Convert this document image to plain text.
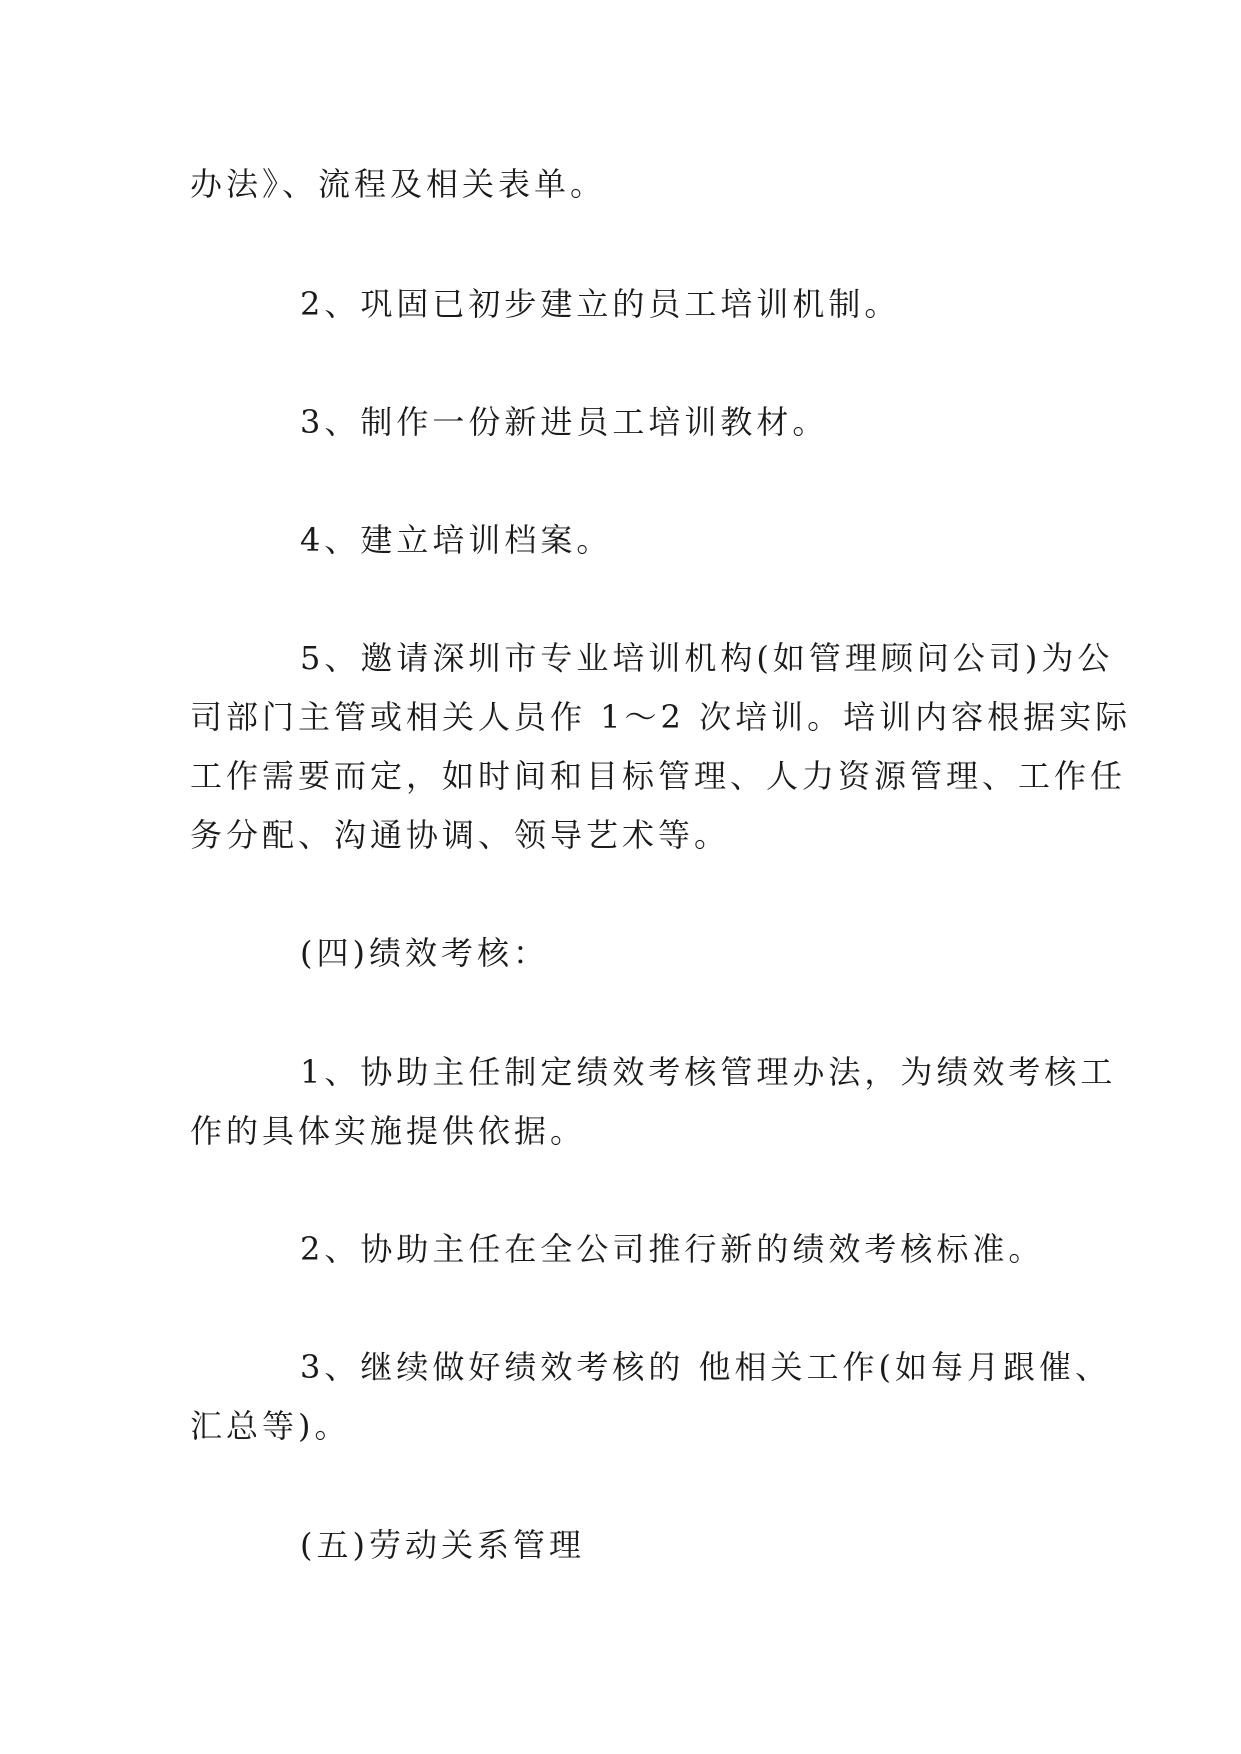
办法》、流程及相关表单。

2、巩固已初步建立的员工培训机制。

3、制作一份新进员工培训教材。

4、建立培训档案。

5、邀请深圳市专业培训机构(如管理顾问公司)为公

司部门主管或相关人员作 1～2 次培训。培训内容根据实际

工作需要而定，如时间和目标管理、人力资源管理、工作任

务分配、沟通协调、领导艺术等。

(四)绩效考核：

1、协助主任制定绩效考核管理办法，为绩效考核工

作的具体实施提供依据。

2、协助主任在全公司推行新的绩效考核标准。

3、继续做好绩效考核的 他相关工作(如每月跟催、

汇总等)。

(五)劳动关系管理
